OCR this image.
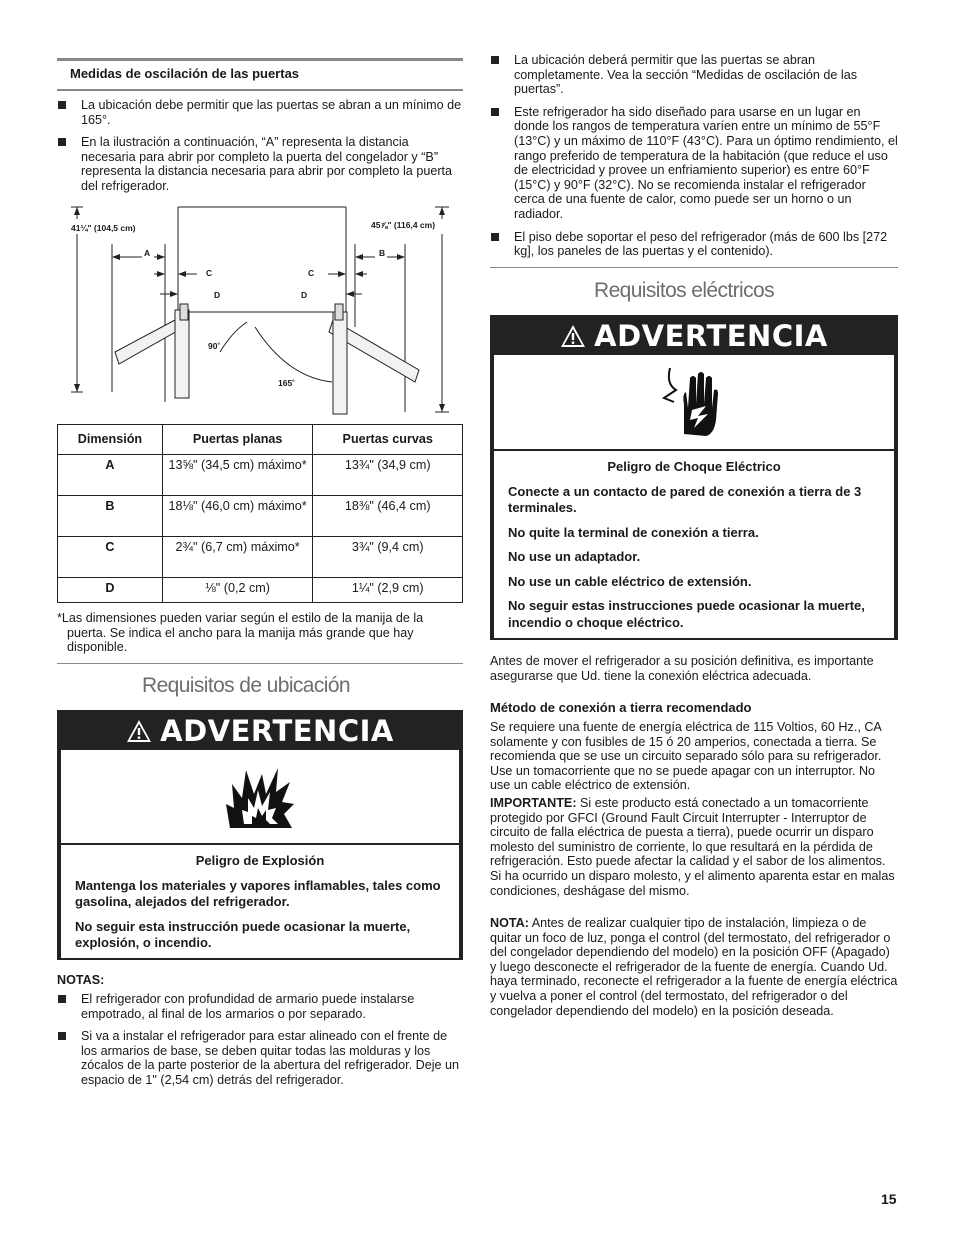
Medidas de oscilación de las puertas
La ubicación debe permitir que las puertas se abran a un mínimo de 165°.
En la ilustración a continuación, “A” representa la distancia necesaria para abrir por completo la puerta del congelador y “B” representa la distancia necesaria para abrir por completo la puerta del refrigerador.
41¼" (104,5 cm)	45⅞" (116,4 cm)
A	B
C	C
D	D
90˚
165˚
Dimensión	Puertas planas	Puertas curvas
A	13⅝" (34,5 cm) máximo*	13¾" (34,9 cm)
B	18⅛" (46,0 cm) máximo*	18⅜" (46,4 cm)
C	2¾" (6,7 cm) máximo*	3¾" (9,4 cm)
D	⅛" (0,2 cm)	1¼" (2,9 cm)
*Las dimensiones pueden variar según el estilo de la manija de la puerta. Se indica el ancho para la manija más grande que hay disponible.
Requisitos de ubicación
ADVERTENCIA

Peligro de Explosión

Mantenga los materiales y vapores inflamables, tales como gasolina, alejados del refrigerador.

No seguir esta instrucción puede ocasionar la muerte, explosión, o incendio.

NOTAS:
El refrigerador con profundidad de armario puede instalarse empotrado, al final de los armarios o por separado.
Si va a instalar el refrigerador para estar alineado con el frente de los armarios de base, se deben quitar todas las molduras y los zócalos de la parte posterior de la abertura del refrigerador. Deje un espacio de 1" (2,54 cm) detrás del refrigerador.
La ubicación deberá permitir que las puertas se abran completamente. Vea la sección “Medidas de oscilación de las puertas”.
Este refrigerador ha sido diseñado para usarse en un lugar en donde los rangos de temperatura varíen entre un mínimo de 55°F (13°C) y un máximo de 110°F (43°C). Para un óptimo rendimiento, el rango preferido de temperatura de la habitación (que reduce el uso de electricidad y provee un enfriamiento superior) es entre 60°F (15°C) y 90°F (32°C). No se recomienda instalar el refrigerador cerca de una fuente de calor, como puede ser un horno o un radiador.
El piso debe soportar el peso del refrigerador (más de 600 lbs [272 kg], los paneles de las puertas y el contenido).
Requisitos eléctricos
ADVERTENCIA

Peligro de Choque Eléctrico

Conecte a un contacto de pared de conexión a tierra de 3 terminales.

No quite la terminal de conexión a tierra.

No use un adaptador.

No use un cable eléctrico de extensión.

No seguir estas instrucciones puede ocasionar la muerte, incendio o choque eléctrico.

Antes de mover el refrigerador a su posición definitiva, es importante asegurarse que Ud. tiene la conexión eléctrica adecuada.
Método de conexión a tierra recomendado
Se requiere una fuente de energía eléctrica de 115 Voltios, 60 Hz., CA solamente y con fusibles de 15 ó 20 amperios, conectada a tierra. Se recomienda que se use un circuito separado sólo para su refrigerador. Use un tomacorriente que no se puede apagar con un interruptor. No use un cable eléctrico de extensión.
IMPORTANTE: Si este producto está conectado a un tomacorriente protegido por GFCI (Ground Fault Circuit Interrupter - Interruptor de circuito de falla eléctrica de puesta a tierra), puede ocurrir un disparo molesto del suministro de corriente, lo que resultará en la pérdida de refrigeración. Esto puede afectar la calidad y el sabor de los alimentos. Si ha ocurrido un disparo molesto, y el alimento aparenta estar en malas condiciones, deshágase del mismo.
NOTA: Antes de realizar cualquier tipo de instalación, limpieza o de quitar un foco de luz, ponga el control (del termostato, del refrigerador o del congelador dependiendo del modelo) en la posición OFF (Apagado) y luego desconecte el refrigerador de la fuente de energía. Cuando Ud. haya terminado, reconecte el refrigerador a la fuente de energía eléctrica y vuelva a poner el control (del termostato, del refrigerador o del congelador dependiendo del modelo) en la posición deseada.
15
